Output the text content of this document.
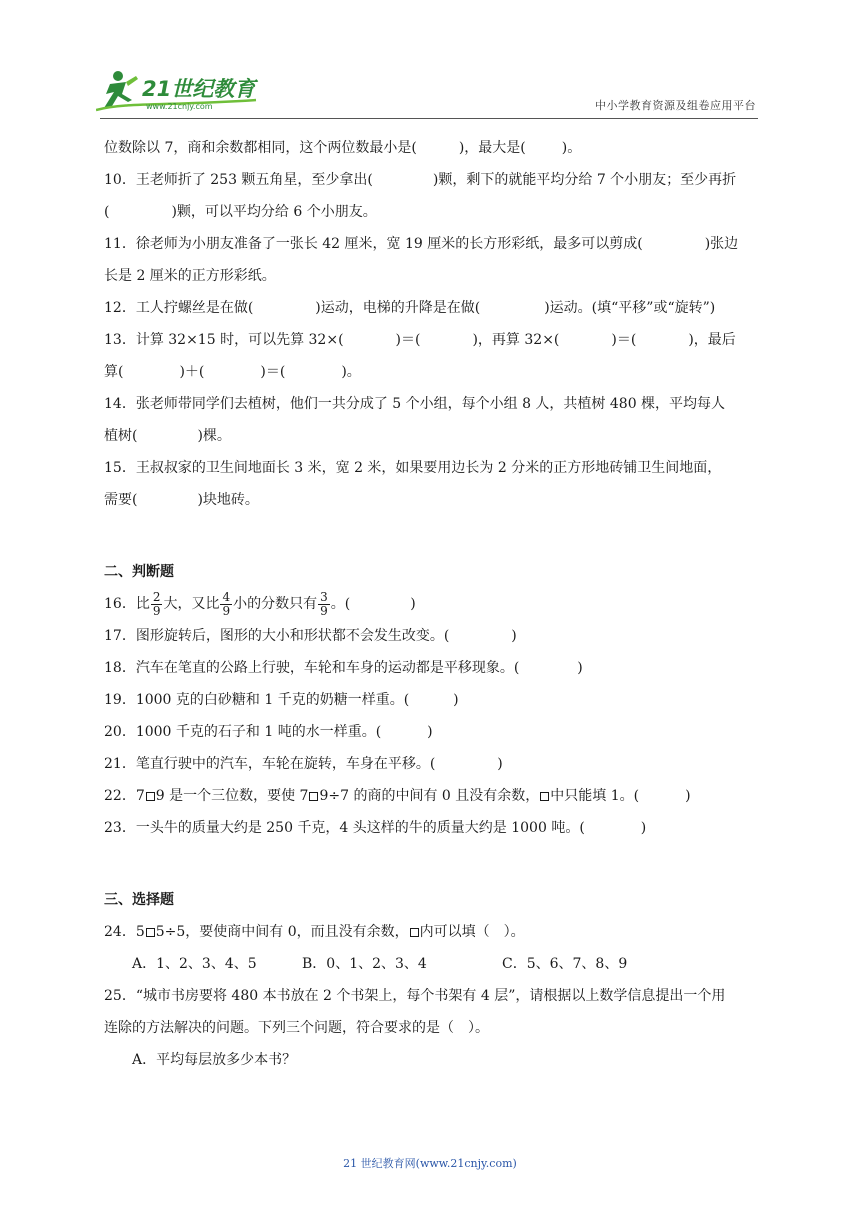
21世纪教育
www.21cnjy.com	中小学教育资源及组卷应用平台

位数除以 7，商和余数都相同，这个两位数最小是(	)，最大是(	)。

10．王老师折了 253 颗五角星，至少拿出(	)颗，剩下的就能平均分给 7 个小朋友；至少再折
(	)颗，可以平均分给 6 个小朋友。

11．徐老师为小朋友准备了一张长 42 厘米，宽 19 厘米的长方形彩纸，最多可以剪成(	)张边
长是 2 厘米的正方形彩纸。

12．工人拧螺丝是在做(	)运动，电梯的升降是在做(	)运动。(填“平移”或“旋转”)

13．计算 32×15 时，可以先算 32×(	)＝(	)，再算 32×(	)＝(	)，最后
算(	)＋(	)＝(	)。

14．张老师带同学们去植树，他们一共分成了 5 个小组，每个小组 8 人，共植树 480 棵，平均每人
植树(	)棵。

15．王叔叔家的卫生间地面长 3 米，宽 2 米，如果要用边长为 2 分米的正方形地砖铺卫生间地面，
需要(	)块地砖。

二、判断题

16．比 $\frac{2}{9}$ 大，又比 $\frac{4}{9}$ 小的分数只有 $\frac{3}{9}$ 。(	)

17．图形旋转后，图形的大小和形状都不会发生改变。(	)

18．汽车在笔直的公路上行驶，车轮和车身的运动都是平移现象。(	)

19．1000 克的白砂糖和 1 千克的奶糖一样重。(	)

20．1000 千克的石子和 1 吨的水一样重。(	)

21．笔直行驶中的汽车，车轮在旋转，车身在平移。(	)

22．7 9 是一个三位数，要使 7 9÷7 的商的中间有 0 且没有余数， 中只能填 1。(	)

23．一头牛的质量大约是 250 千克，4 头这样的牛的质量大约是 1000 吨。(	)

三、选择题

24．5 5÷5，要使商中间有 0，而且没有余数， 内可以填（　）。

A．1、2、3、4、5	B．0、1、2、3、4	C．5、6、7、8、9

25．“城市书房要将 480 本书放在 2 个书架上，每个书架有 4 层”，请根据以上数学信息提出一个用
连除的方法解决的问题。下列三个问题，符合要求的是（　）。

A．平均每层放多少本书？
21 世纪教育网(www.21cnjy.com)
